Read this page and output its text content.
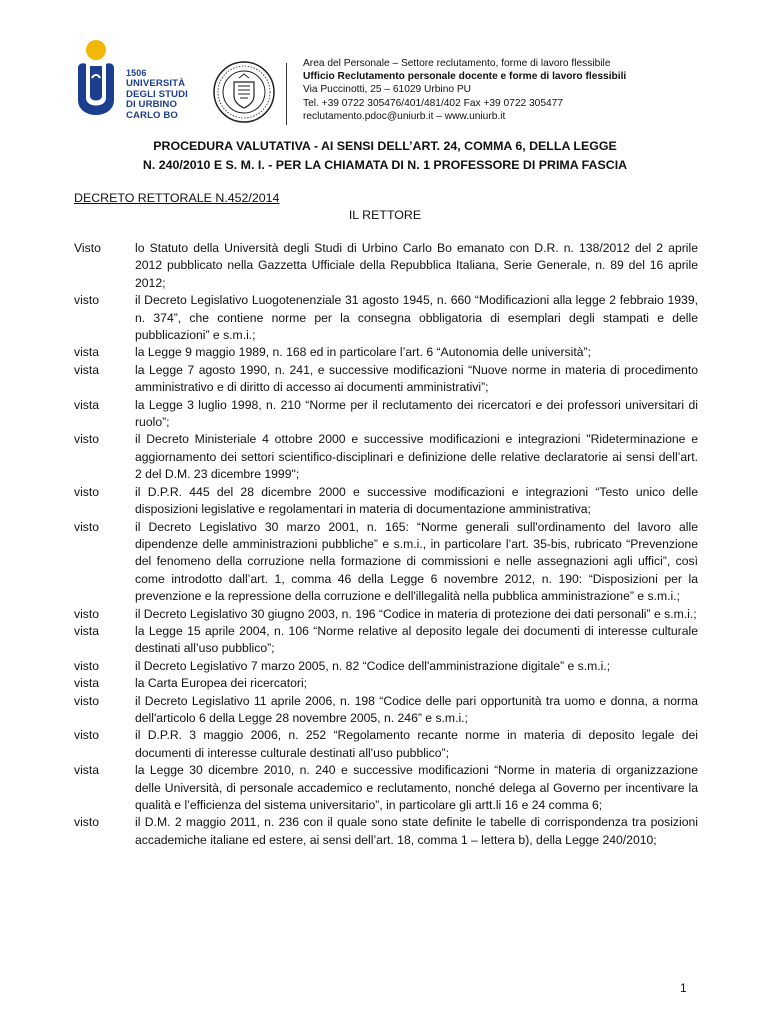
1506
UNIVERSITÀ
DEGLI STUDI
DI URBINO
CARLO BO
Area del Personale – Settore reclutamento, forme di lavoro flessibile
Ufficio Reclutamento personale docente e forme di lavoro flessibili
Via Puccinotti, 25 – 61029 Urbino PU
Tel. +39 0722 305476/401/481/402 Fax +39 0722 305477
reclutamento.pdoc@uniurb.it – www.uniurb.it
PROCEDURA VALUTATIVA - AI SENSI DELL’ART. 24, COMMA 6, DELLA LEGGE
N. 240/2010 E S. M. I. - PER LA CHIAMATA DI N. 1 PROFESSORE DI PRIMA FASCIA
DECRETO RETTORALE N.452/2014
IL RETTORE
Visto	lo Statuto della Università degli Studi di Urbino Carlo Bo emanato con D.R. n. 138/2012 del 2 aprile 2012 pubblicato nella Gazzetta Ufficiale della Repubblica Italiana, Serie Generale, n. 89 del 16 aprile 2012;
visto	il Decreto Legislativo Luogotenenziale 31 agosto 1945, n. 660 “Modificazioni alla legge 2 febbraio 1939, n. 374”, che contiene norme per la consegna obbligatoria di esemplari degli stampati e delle pubblicazioni” e s.m.i.;
vista	la Legge 9 maggio 1989, n. 168 ed in particolare l’art. 6 “Autonomia delle università”;
vista	la Legge 7 agosto 1990, n. 241, e successive modificazioni “Nuove norme in materia di procedimento amministrativo e di diritto di accesso ai documenti amministrativi”;
vista	la Legge 3 luglio 1998, n. 210 “Norme per il reclutamento dei ricercatori e dei professori universitari di ruolo”;
visto	il Decreto Ministeriale 4 ottobre 2000 e successive modificazioni e integrazioni "Rideterminazione e aggiornamento dei settori scientifico-disciplinari e definizione delle relative declaratorie ai sensi dell’art. 2 del D.M. 23 dicembre 1999";
visto	il D.P.R. 445 del 28 dicembre 2000 e successive modificazioni e integrazioni “Testo unico delle disposizioni legislative e regolamentari in materia di documentazione amministrativa;
visto	il Decreto Legislativo 30 marzo 2001, n. 165: “Norme generali sull'ordinamento del lavoro alle dipendenze delle amministrazioni pubbliche” e s.m.i., in particolare l’art. 35-bis, rubricato “Prevenzione del fenomeno della corruzione nella formazione di commissioni e nelle assegnazioni agli uffici”, così come introdotto dall’art. 1, comma 46 della Legge 6 novembre 2012, n. 190: “Disposizioni per la prevenzione e la repressione della corruzione e dell'illegalità nella pubblica amministrazione” e s.m.i.;
visto	il Decreto Legislativo 30 giugno 2003, n. 196 “Codice in materia di protezione dei dati personali” e s.m.i.;
vista	la Legge 15 aprile 2004, n. 106 “Norme relative al deposito legale dei documenti di interesse culturale destinati all’uso pubblico”;
visto	il Decreto Legislativo 7 marzo 2005, n. 82 “Codice dell'amministrazione digitale” e s.m.i.;
vista	la Carta Europea dei ricercatori;
visto	il Decreto Legislativo 11 aprile 2006, n. 198 “Codice delle pari opportunità tra uomo e donna, a norma dell'articolo 6 della Legge 28 novembre 2005, n. 246” e s.m.i.;
visto	il D.P.R. 3 maggio 2006, n. 252 “Regolamento recante norme in materia di deposito legale dei documenti di interesse culturale destinati all'uso pubblico”;
vista	la Legge 30 dicembre 2010, n. 240 e successive modificazioni “Norme in materia di organizzazione delle Università, di personale accademico e reclutamento, nonché delega al Governo per incentivare la qualità e l’efficienza del sistema universitario”, in particolare gli artt.li 16 e 24 comma 6;
visto	il D.M. 2 maggio 2011, n. 236 con il quale sono state definite le tabelle di corrispondenza tra posizioni accademiche italiane ed estere, ai sensi dell’art. 18, comma 1 – lettera b), della Legge 240/2010;
1
